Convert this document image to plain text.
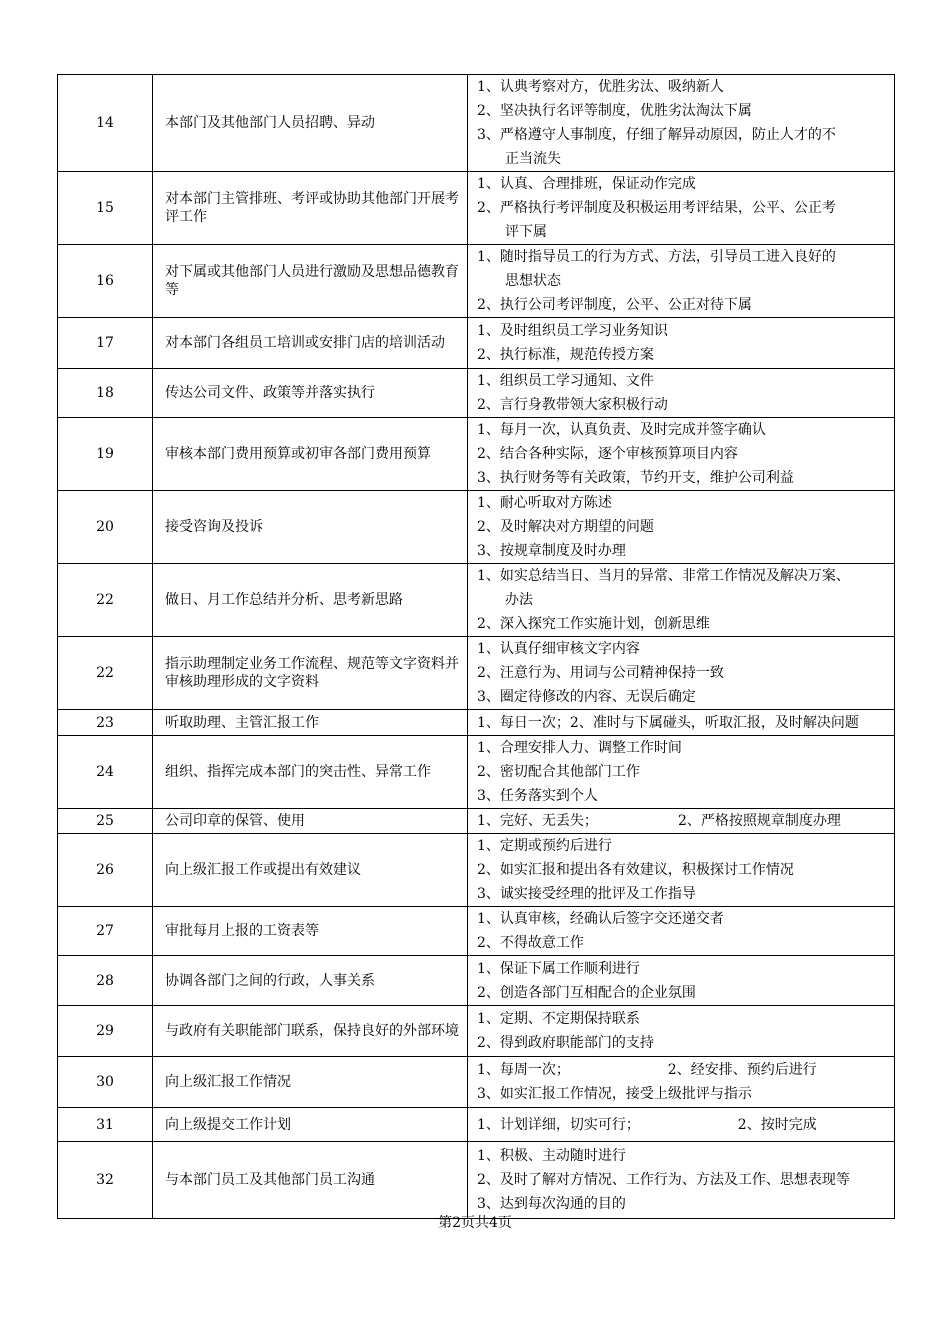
14	本部门及其他部门人员招聘、异动	1、认典考察对方，优胜劣汰、吸纳新人
2、坚决执行名评等制度，优胜劣汰淘汰下属
3、严格遵守人事制度，仔细了解异动原因，防止人才的不
正当流失

15	对本部门主管排班、考评或协助其他部门开展考评工作	1、认真、合理排班，保证动作完成
2、严格执行考评制度及积极运用考评结果，公平、公正考
评下属

16	对下属或其他部门人员进行激励及思想品德教育等	1、随时指导员工的行为方式、方法，引导员工进入良好的
思想状态
2、执行公司考评制度，公平、公正对待下属

17	对本部门各组员工培训或安排门店的培训活动	1、及时组织员工学习业务知识
2、执行标准，规范传授方案

18	传达公司文件、政策等并落实执行	1、组织员工学习通知、文件
2、言行身教带领大家积极行动

19	审核本部门费用预算或初审各部门费用预算	1、每月一次，认真负责、及时完成并签字确认
2、结合各种实际，逐个审核预算项目内容
3、执行财务等有关政策，节约开支，维护公司利益

20	接受咨询及投诉	1、耐心听取对方陈述
2、及时解决对方期望的问题
3、按规章制度及时办理

22	做日、月工作总结并分析、思考新思路	1、如实总结当日、当月的异常、非常工作情况及解决万案、
办法
2、深入探究工作实施计划，创新思维

22	指示助理制定业务工作流程、规范等文字资料并审核助理形成的文字资料	1、认真仔细审核文字内容
2、汪意行为、用词与公司精神保持一致
3、圈定待修改的内容、无误后确定

23	听取助理、主管汇报工作	1、每日一次；2、准时与下属碰头，听取汇报，及时解决问题

24	组织、指挥完成本部门的突击性、异常工作	1、合理安排人力、调整工作时间
2、密切配合其他部门工作
3、任务落实到个人

25	公司印章的保管、使用	1、完好、无丢失；                  2、严格按照规章制度办理

26	向上级汇报工作或提出有效建议	1、定期或预约后进行
2、如实汇报和提出各有效建议，积极探讨工作情况
3、诚实接受经理的批评及工作指导

27	审批每月上报的工资表等	1、认真审核，经确认后签字交还递交者
2、不得故意工作

28	协调各部门之间的行政，人事关系	1、保证下属工作顺利进行
2、创造各部门互相配合的企业氛围

29	与政府有关职能部门联系，保持良好的外部环境	1、定期、不定期保持联系
2、得到政府职能部门的支持

30	向上级汇报工作情况	1、每周一次；                      2、经安排、预约后进行
3、如实汇报工作情况，接受上级批评与指示

31	向上级提交工作计划	1、计划详细，切实可行；                      2、按时完成

32	与本部门员工及其他部门员工沟通	1、积极、主动随时进行
2、及时了解对方情况、工作行为、方法及工作、思想表现等
3、达到每次沟通的目的
第2页共4页
